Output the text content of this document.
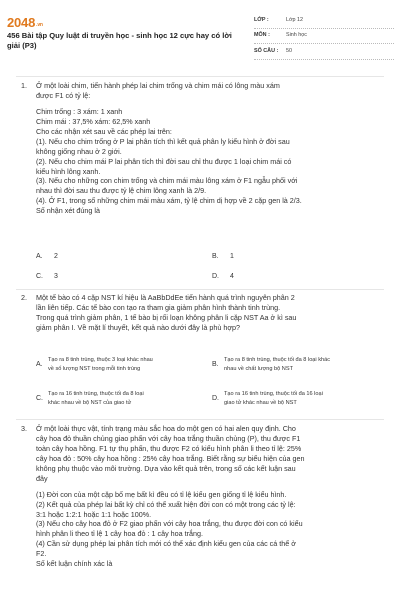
2048.vn
456 Bài tập Quy luật di truyền học - sinh học 12 cực hay có lời giải (P3)
LỚP :	Lớp 12
MÔN :	Sinh học
SỐ CÂU :	50
1. Ở một loài chim, tiến hành phép lai chim trống và chim mái có lông màu xám

được F1 có tỷ lệ:

Chim trống : 3 xám: 1 xanh

Chim mái : 37,5% xám: 62,5% xanh

Cho các nhận xét sau về các phép lai trên:

(1). Nếu cho chim trống ở P lai phân tích thì kết quả phân ly kiểu hình ở đời sau

không giống nhau ở 2 giới.

(2). Nếu cho chim mái P lai phân tích thì đời sau chỉ thu được 1 loại chim mái có

kiểu hình lông xanh.

(3). Nếu cho những con chim trống và chim mái màu lông xám ở F1 ngẫu phối với

nhau thì đời sau thu được tỷ lệ chim lông xanh là 2/9.

(4). Ở F1, trong số những chim mái màu xám, tỷ lệ chim dị hợp về 2 cặp gen là 2/3.

Số nhận xét đúng là

A.	2	B.	1
C.	3	D.	4
2. Một tế bào có 4 cặp NST kí hiệu là AaBbDdEe tiến hành quá trình nguyên phân 2

lần liên tiếp. Các tế bào con tạo ra tham gia giảm phân hình thành tinh trùng.

Trong quá trình giảm phân, 1 tế bào bị rối loạn không phân li cặp NST Aa ở kì sau

giảm phân I. Về mặt lí thuyết, kết quả nào dưới đây là phù hợp?

A.
Tạo ra 8 tinh trùng, thuộc 3 loại khác nhau
về số lượng NST trong mỗi tinh trùng
B.
Tạo ra 8 tinh trùng, thuộc tối đa 8 loại khác
nhau về chất lượng bộ NST
C.
Tạo ra 16 tinh trùng, thuộc tối đa 8 loại
khác nhau về bộ NST của giao tử
D.
Tạo ra 16 tinh trùng, thuộc tối đa 16 loại
giao tử khác nhau về bộ NST
3. Ở một loài thực vật, tính trạng màu sắc hoa do một gen có hai alen quy định. Cho

cây hoa đỏ thuần chủng giao phấn với cây hoa trắng thuần chủng (P), thu được F1

toàn cây hoa hồng. F1 tự thụ phấn, thu được F2 có kiểu hình phân li theo tỉ lệ: 25%

cây hoa đỏ : 50% cây hoa hồng : 25% cây hoa trắng. Biết rằng sự biểu hiện của gen

không phụ thuộc vào môi trường. Dựa vào kết quả trên, trong số các kết luận sau

đây

(1) Đời con của một cặp bố mẹ bất kì đều có tỉ lệ kiểu gen giống tỉ lệ kiểu hình.

(2) Kết quả của phép lai bất kỳ chỉ có thể xuất hiện đời con có một trong các tỷ lệ:

3:1 hoặc 1:2:1 hoặc 1:1 hoặc 100%.

(3) Nếu cho cây hoa đỏ ở F2 giao phấn với cây hoa trắng, thu được đời con có kiểu

hình phân li theo tỉ lệ 1 cây hoa đỏ : 1 cây hoa trắng.

(4) Cần sử dụng phép lai phân tích mới có thể xác định kiểu gen của các cá thể ở

F2.

Số kết luận chính xác là
